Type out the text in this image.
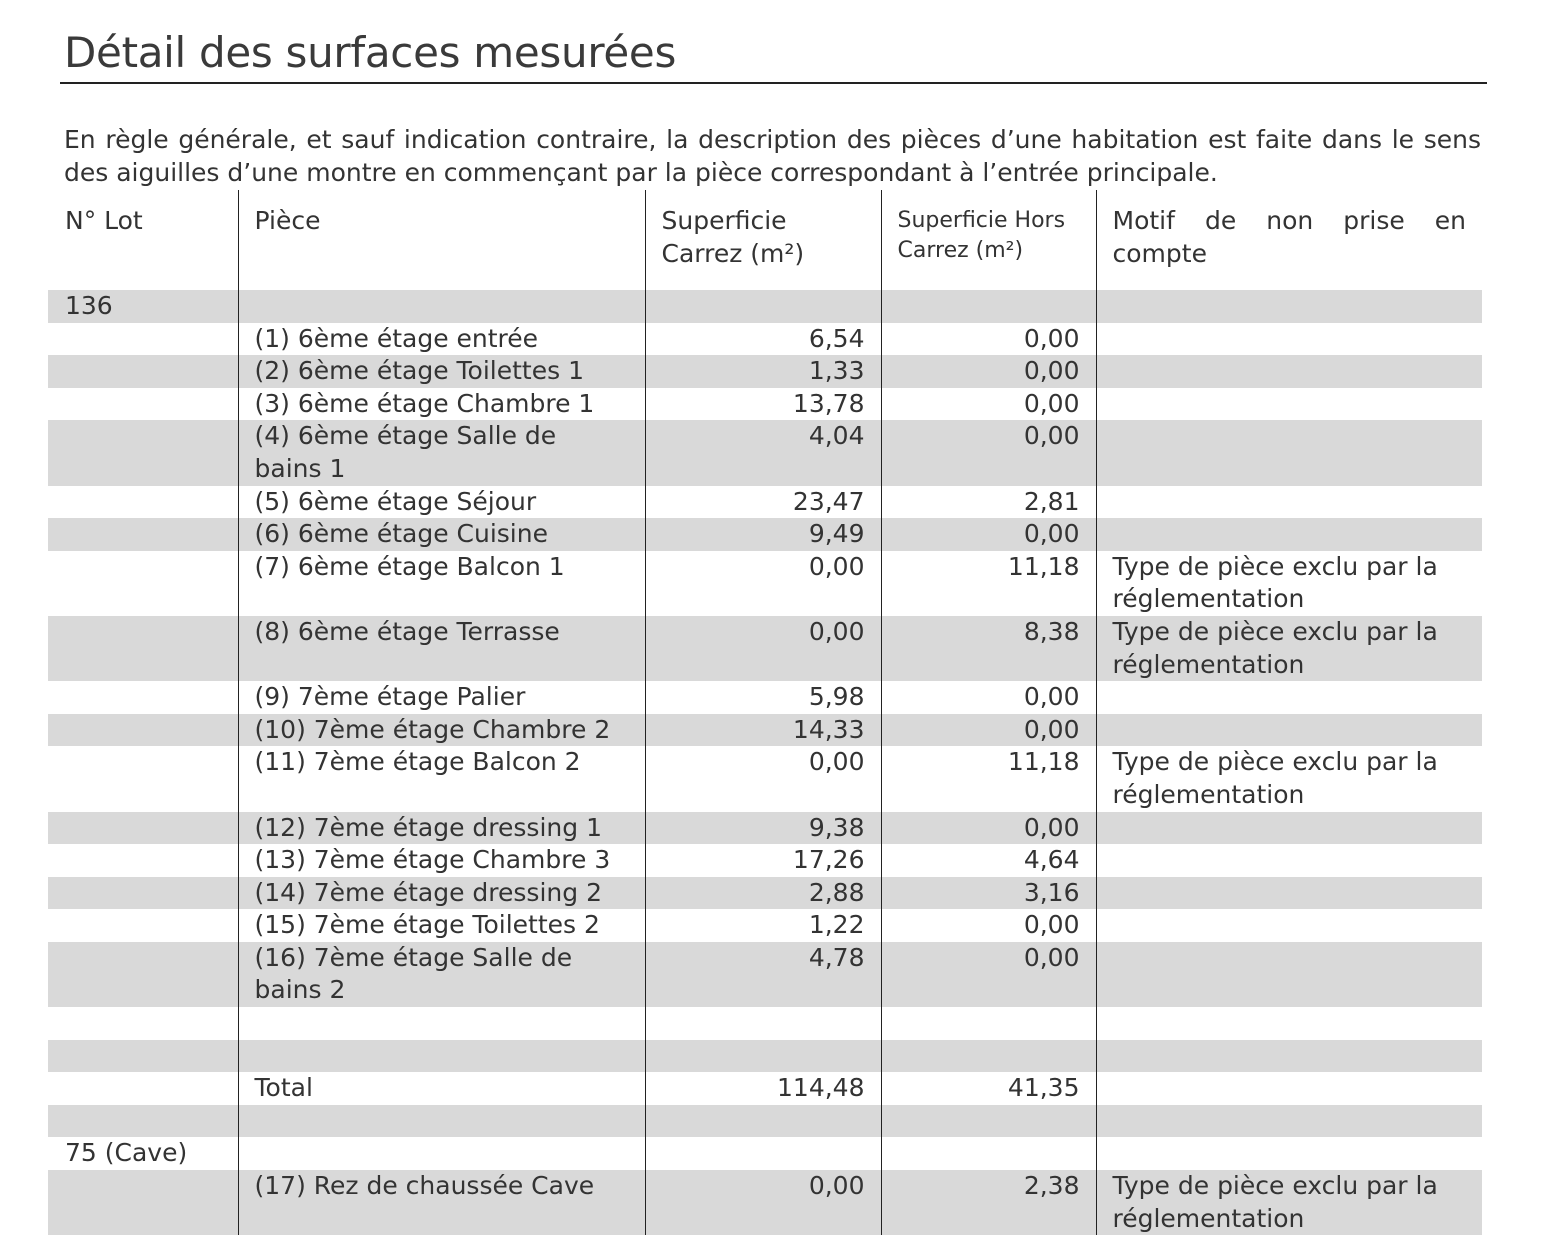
Détail des surfaces mesurées

En règle générale, et sauf indication contraire, la description des pièces d’une habitation est faite dans le sens des aiguilles d’une montre en commençant par la pièce correspondant à l’entrée principale.

N° Lot	Pièce	Superficie Carrez (m²)	Superficie Hors Carrez (m²)	Motif de non prise en compte
136				
	(1) 6ème étage entrée	6,54	0,00	
	(2) 6ème étage Toilettes 1	1,33	0,00	
	(3) 6ème étage Chambre 1	13,78	0,00	
	(4) 6ème étage Salle de bains 1	4,04	0,00	
	(5) 6ème étage Séjour	23,47	2,81	
	(6) 6ème étage Cuisine	9,49	0,00	
	(7) 6ème étage Balcon 1	0,00	11,18	Type de pièce exclu par la réglementation
	(8) 6ème étage Terrasse	0,00	8,38	Type de pièce exclu par la réglementation
	(9) 7ème étage Palier	5,98	0,00	
	(10) 7ème étage Chambre 2	14,33	0,00	
	(11) 7ème étage Balcon 2	0,00	11,18	Type de pièce exclu par la réglementation
	(12) 7ème étage dressing 1	9,38	0,00	
	(13) 7ème étage Chambre 3	17,26	4,64	
	(14) 7ème étage dressing 2	2,88	3,16	
	(15) 7ème étage Toilettes 2	1,22	0,00	
	(16) 7ème étage Salle de bains 2	4,78	0,00	

	Total	114,48	41,35	

75 (Cave)				
	(17) Rez de chaussée Cave	0,00	2,38	Type de pièce exclu par la réglementation
